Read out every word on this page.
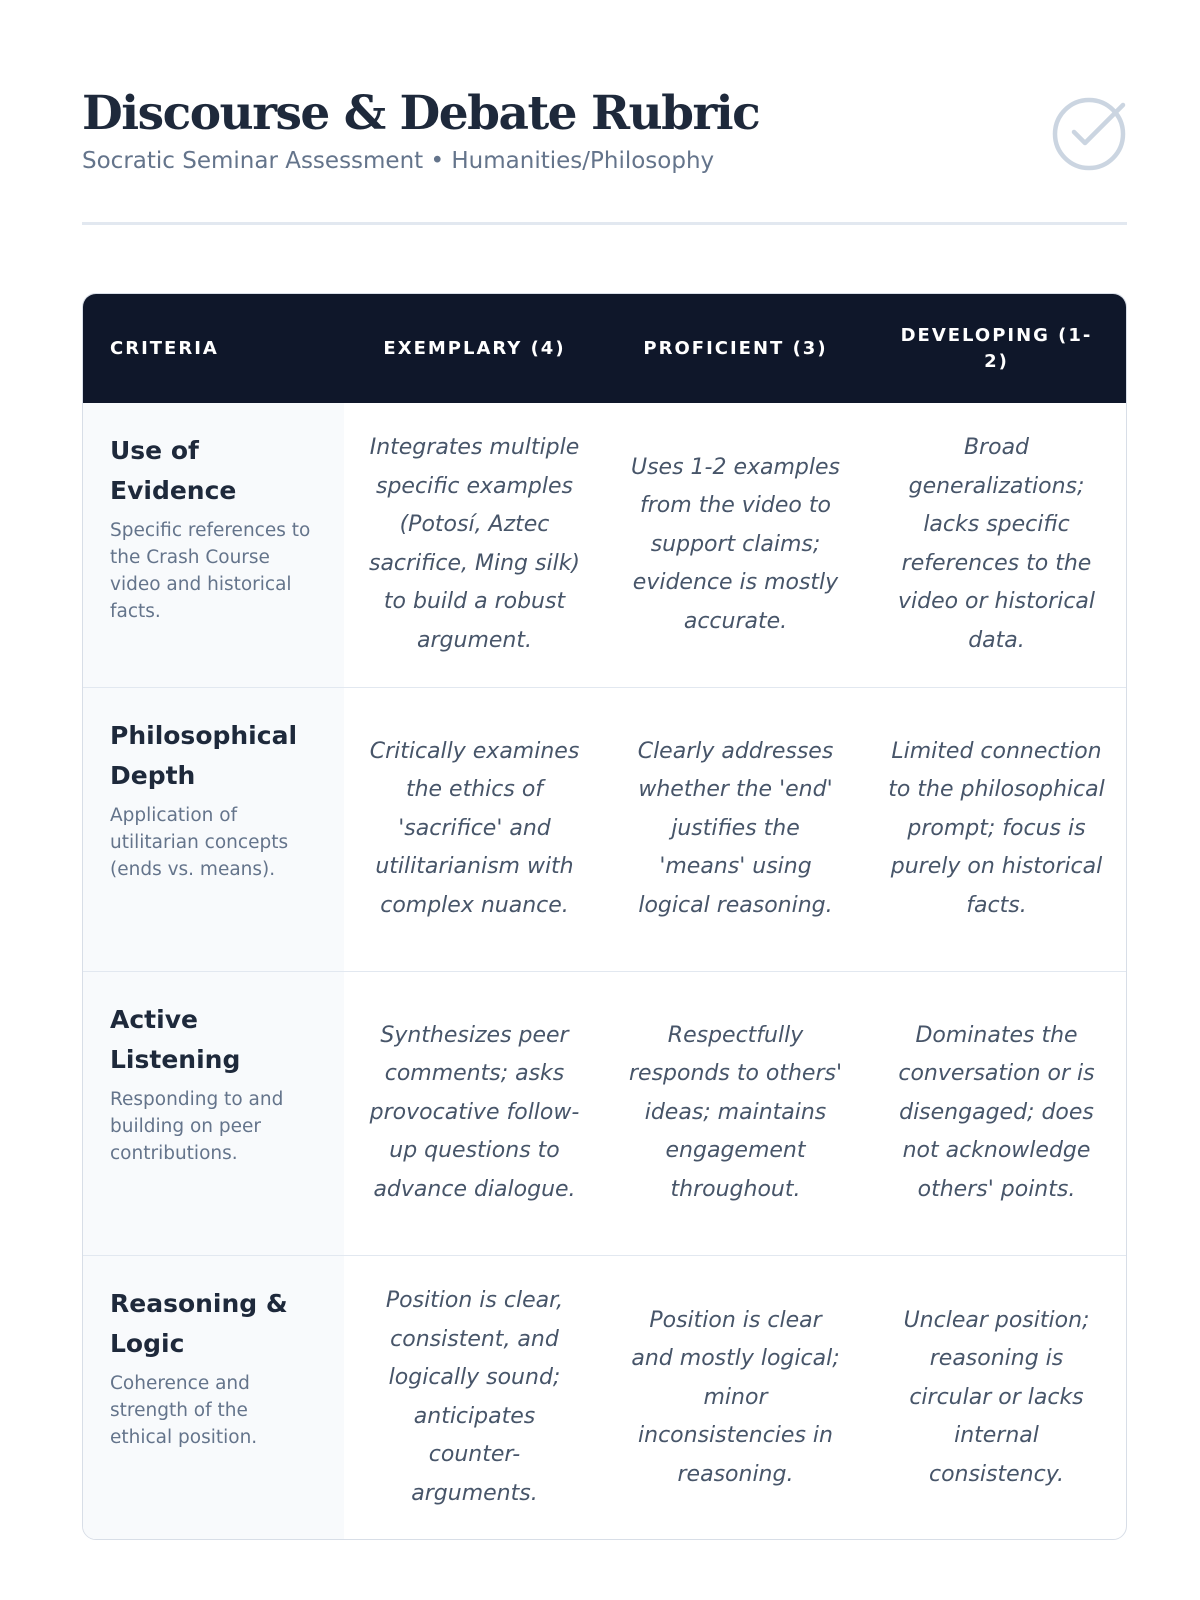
Discourse & Debate Rubric
Socratic Seminar Assessment • Humanities/Philosophy
CRITERIA	EXEMPLARY (4)	PROFICIENT (3)	DEVELOPING (1-2)

Use of Evidence
Specific references to the Crash Course video and historical facts.	Integrates multiple specific examples (Potosí, Aztec sacrifice, Ming silk) to build a robust argument.	Uses 1-2 examples from the video to support claims; evidence is mostly accurate.	Broad generalizations; lacks specific references to the video or historical data.

Philosophical Depth
Application of utilitarian concepts (ends vs. means).	Critically examines the ethics of 'sacrifice' and utilitarianism with complex nuance.	Clearly addresses whether the 'end' justifies the 'means' using logical reasoning.	Limited connection to the philosophical prompt; focus is purely on historical facts.

Active Listening
Responding to and building on peer contributions.	Synthesizes peer comments; asks provocative follow-up questions to advance dialogue.	Respectfully responds to others' ideas; maintains engagement throughout.	Dominates the conversation or is disengaged; does not acknowledge others' points.

Reasoning & Logic
Coherence and strength of the ethical position.	Position is clear, consistent, and logically sound; anticipates counter-arguments.	Position is clear and mostly logical; minor inconsistencies in reasoning.	Unclear position; reasoning is circular or lacks internal consistency.
